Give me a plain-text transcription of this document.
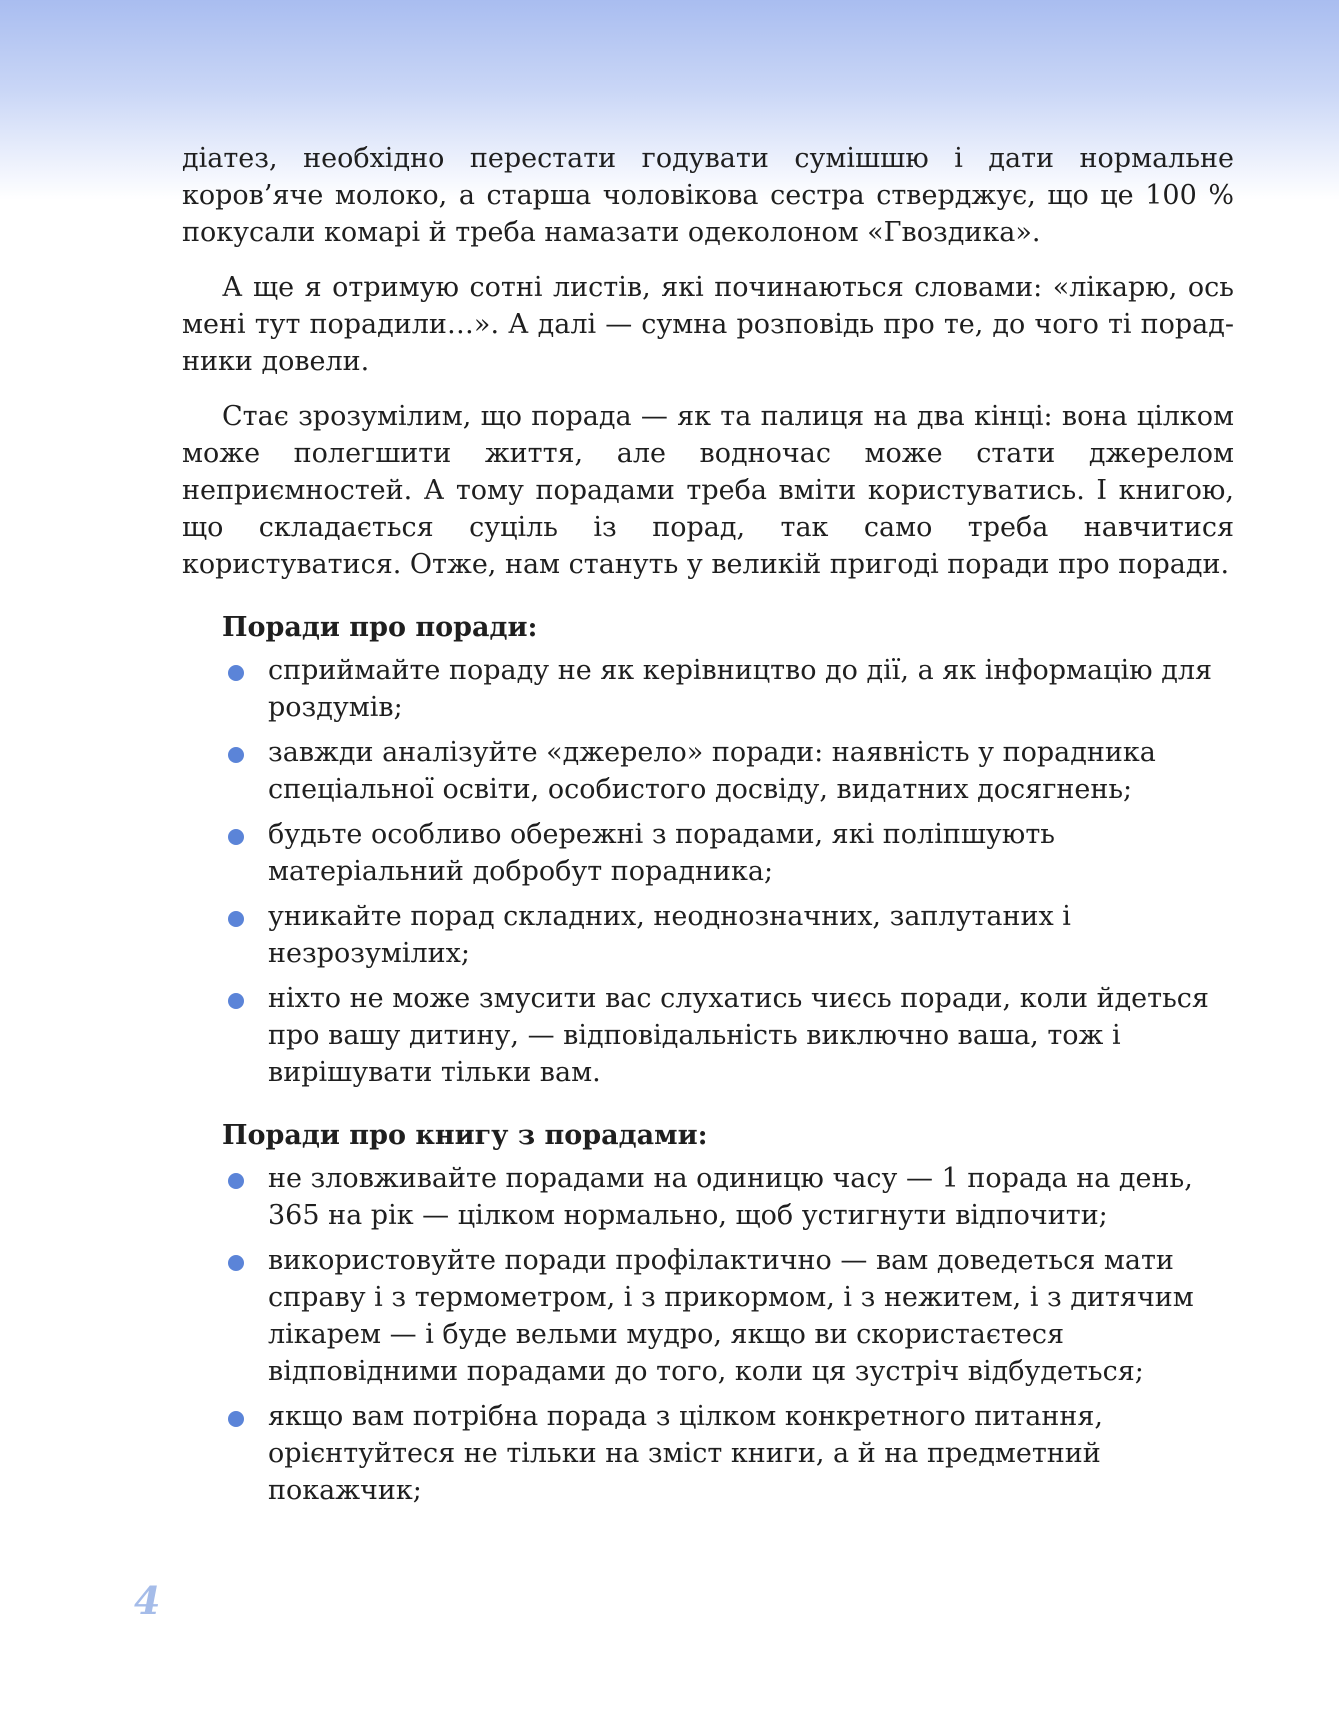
діатез, необхідно перестати годувати сумішшю і дати нормальне коров’яче молоко, а старша чоловікова сестра стверджує, що це 100 % покусали комарі й треба намазати одеколоном «Гвоздика».

А ще я отримую сотні листів, які починаються словами: «лікарю, ось мені тут порадили…». А далі — сумна розповідь про те, до чого ті порадники довели.

Стає зрозумілим, що порада — як та палиця на два кінці: вона цілком може полегшити життя, але водночас може стати джерелом неприємностей. А тому порадами треба вміти користуватись. І книгою, що складається суціль із порад, так само треба навчитися користуватися. Отже, нам стануть у великій пригоді поради про поради.

Поради про поради:
сприймайте пораду не як керівництво до дії, а як інформацію для роздумів;
завжди аналізуйте «джерело» поради: наявність у порадника спеціальної освіти, особистого досвіду, видатних досягнень;
будьте особливо обережні з порадами, які поліпшують матеріальний добробут порадника;
уникайте порад складних, неоднозначних, заплутаних і незрозумілих;
ніхто не може змусити вас слухатись чиєсь поради, коли йдеться про вашу дитину, — відповідальність виключно ваша, тож і вирішувати тільки вам.
Поради про книгу з порадами:
не зловживайте порадами на одиницю часу — 1 порада на день, 365 на рік — цілком нормально, щоб устигнути відпочити;
використовуйте поради профілактично — вам доведеться мати справу і з термометром, і з прикормом, і з нежитем, і з дитячим лікарем — і буде вельми мудро, якщо ви скористаєтеся відповідними порадами до того, коли ця зустріч відбудеться;
якщо вам потрібна порада з цілком конкретного питання, орієнтуйтеся не тільки на зміст книги, а й на предметний покажчик;
4
